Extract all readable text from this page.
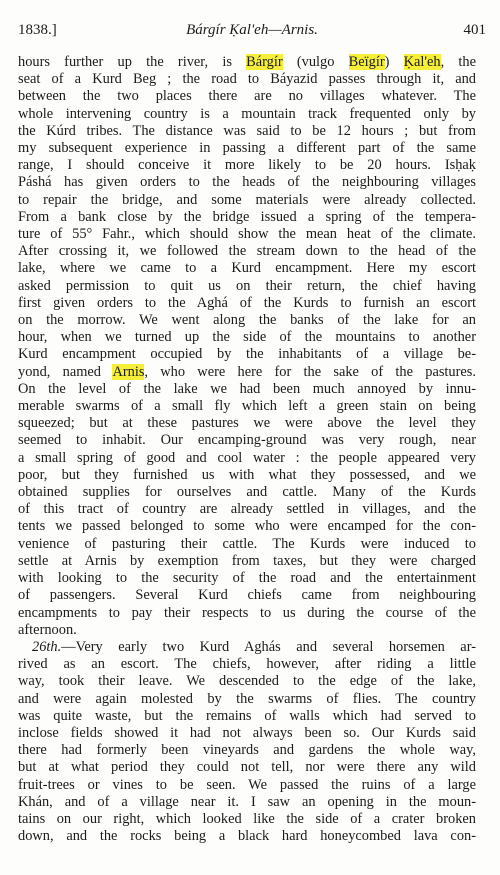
1838.]	Bárgír Ḳal'eh—Arnis.	401
hours further up the river, is Bárgír (vulgo Beïgír) Ḳal'eh, the
seat of a Kurd Beg ; the road to Báyazid passes through it, and
between the two places there are no villages whatever. The
whole intervening country is a mountain track frequented only by
the Kúrd tribes. The distance was said to be 12 hours ; but from
my subsequent experience in passing a different part of the same
range, I should conceive it more likely to be 20 hours. Isḥaḳ
Páshá has given orders to the heads of the neighbouring villages
to repair the bridge, and some materials were already collected.
From a bank close by the bridge issued a spring of the tempera-
ture of 55° Fahr., which should show the mean heat of the climate.
After crossing it, we followed the stream down to the head of the
lake, where we came to a Kurd encampment. Here my escort
asked permission to quit us on their return, the chief having
first given orders to the Aghá of the Kurds to furnish an escort
on the morrow. We went along the banks of the lake for an
hour, when we turned up the side of the mountains to another
Kurd encampment occupied by the inhabitants of a village be-
yond, named Arnis, who were here for the sake of the pastures.
On the level of the lake we had been much annoyed by innu-
merable swarms of a small fly which left a green stain on being
squeezed; but at these pastures we were above the level they
seemed to inhabit. Our encamping-ground was very rough, near
a small spring of good and cool water : the people appeared very
poor, but they furnished us with what they possessed, and we
obtained supplies for ourselves and cattle. Many of the Kurds
of this tract of country are already settled in villages, and the
tents we passed belonged to some who were encamped for the con-
venience of pasturing their cattle. The Kurds were induced to
settle at Arnis by exemption from taxes, but they were charged
with looking to the security of the road and the entertainment
of passengers. Several Kurd chiefs came from neighbouring
encampments to pay their respects to us during the course of the
afternoon.
26th.—Very early two Kurd Aghás and several horsemen ar-
rived as an escort. The chiefs, however, after riding a little
way, took their leave. We descended to the edge of the lake,
and were again molested by the swarms of flies. The country
was quite waste, but the remains of walls which had served to
inclose fields showed it had not always been so. Our Kurds said
there had formerly been vineyards and gardens the whole way,
but at what period they could not tell, nor were there any wild
fruit-trees or vines to be seen. We passed the ruins of a large
Khán, and of a village near it. I saw an opening in the moun-
tains on our right, which looked like the side of a crater broken
down, and the rocks being a black hard honeycombed lava con-
